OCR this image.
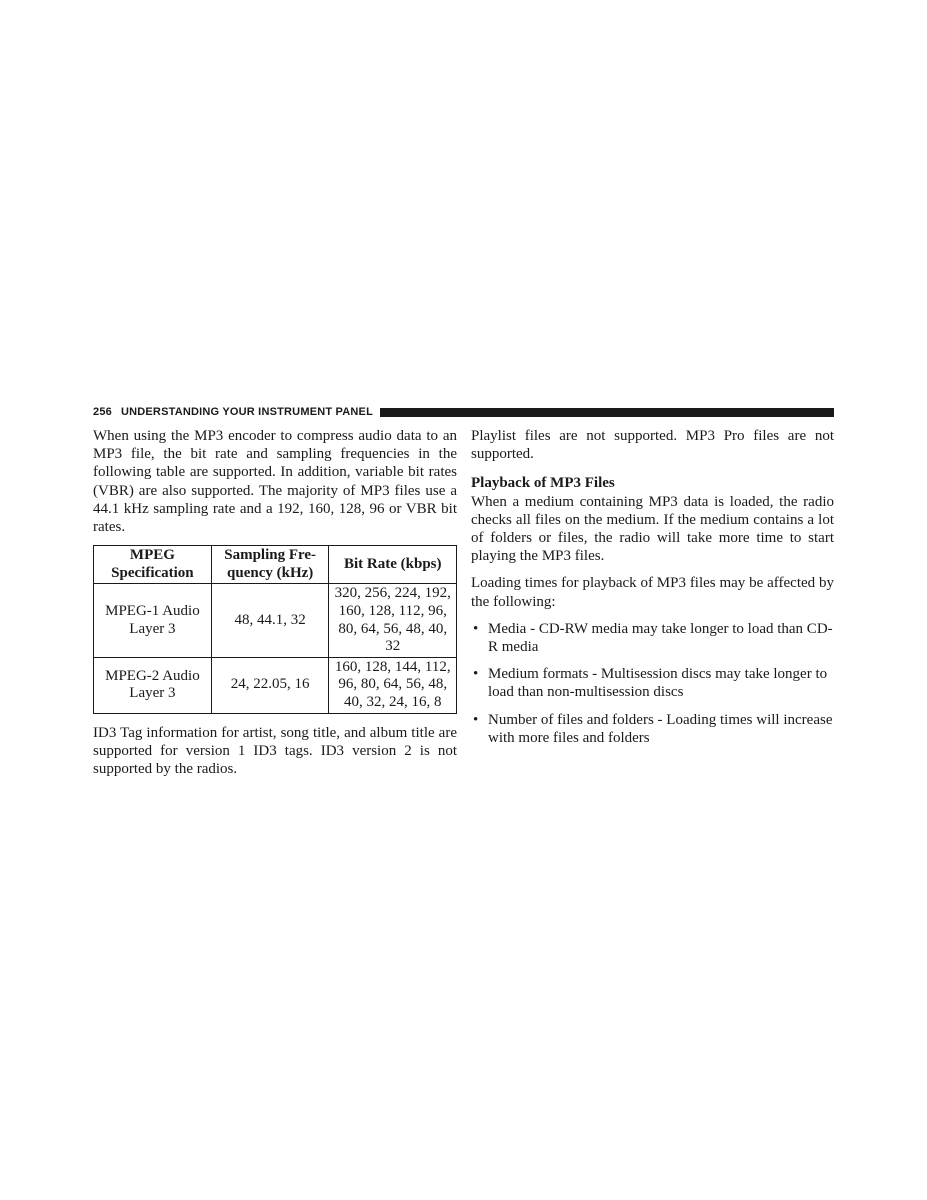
256 UNDERSTANDING YOUR INSTRUMENT PANEL

When using the MP3 encoder to compress audio data to an MP3 file, the bit rate and sampling frequencies in the following table are supported. In addition, variable bit rates (VBR) are also supported. The majority of MP3 files use a 44.1 kHz sampling rate and a 192, 160, 128, 96 or VBR bit rates.

MPEG Specification	Sampling Fre-quency (kHz)	Bit Rate (kbps)
MPEG-1 Audio Layer 3	48, 44.1, 32	320, 256, 224, 192, 160, 128, 112, 96, 80, 64, 56, 48, 40, 32
MPEG-2 Audio Layer 3	24, 22.05, 16	160, 128, 144, 112, 96, 80, 64, 56, 48, 40, 32, 24, 16, 8

ID3 Tag information for artist, song title, and album title are supported for version 1 ID3 tags. ID3 version 2 is not supported by the radios.

Playlist files are not supported. MP3 Pro files are not supported.

Playback of MP3 Files

When a medium containing MP3 data is loaded, the radio checks all files on the medium. If the medium contains a lot of folders or files, the radio will take more time to start playing the MP3 files.

Loading times for playback of MP3 files may be affected by the following:

• Media - CD-RW media may take longer to load than CD-R media
• Medium formats - Multisession discs may take longer to load than non-multisession discs
• Number of files and folders - Loading times will increase with more files and folders
